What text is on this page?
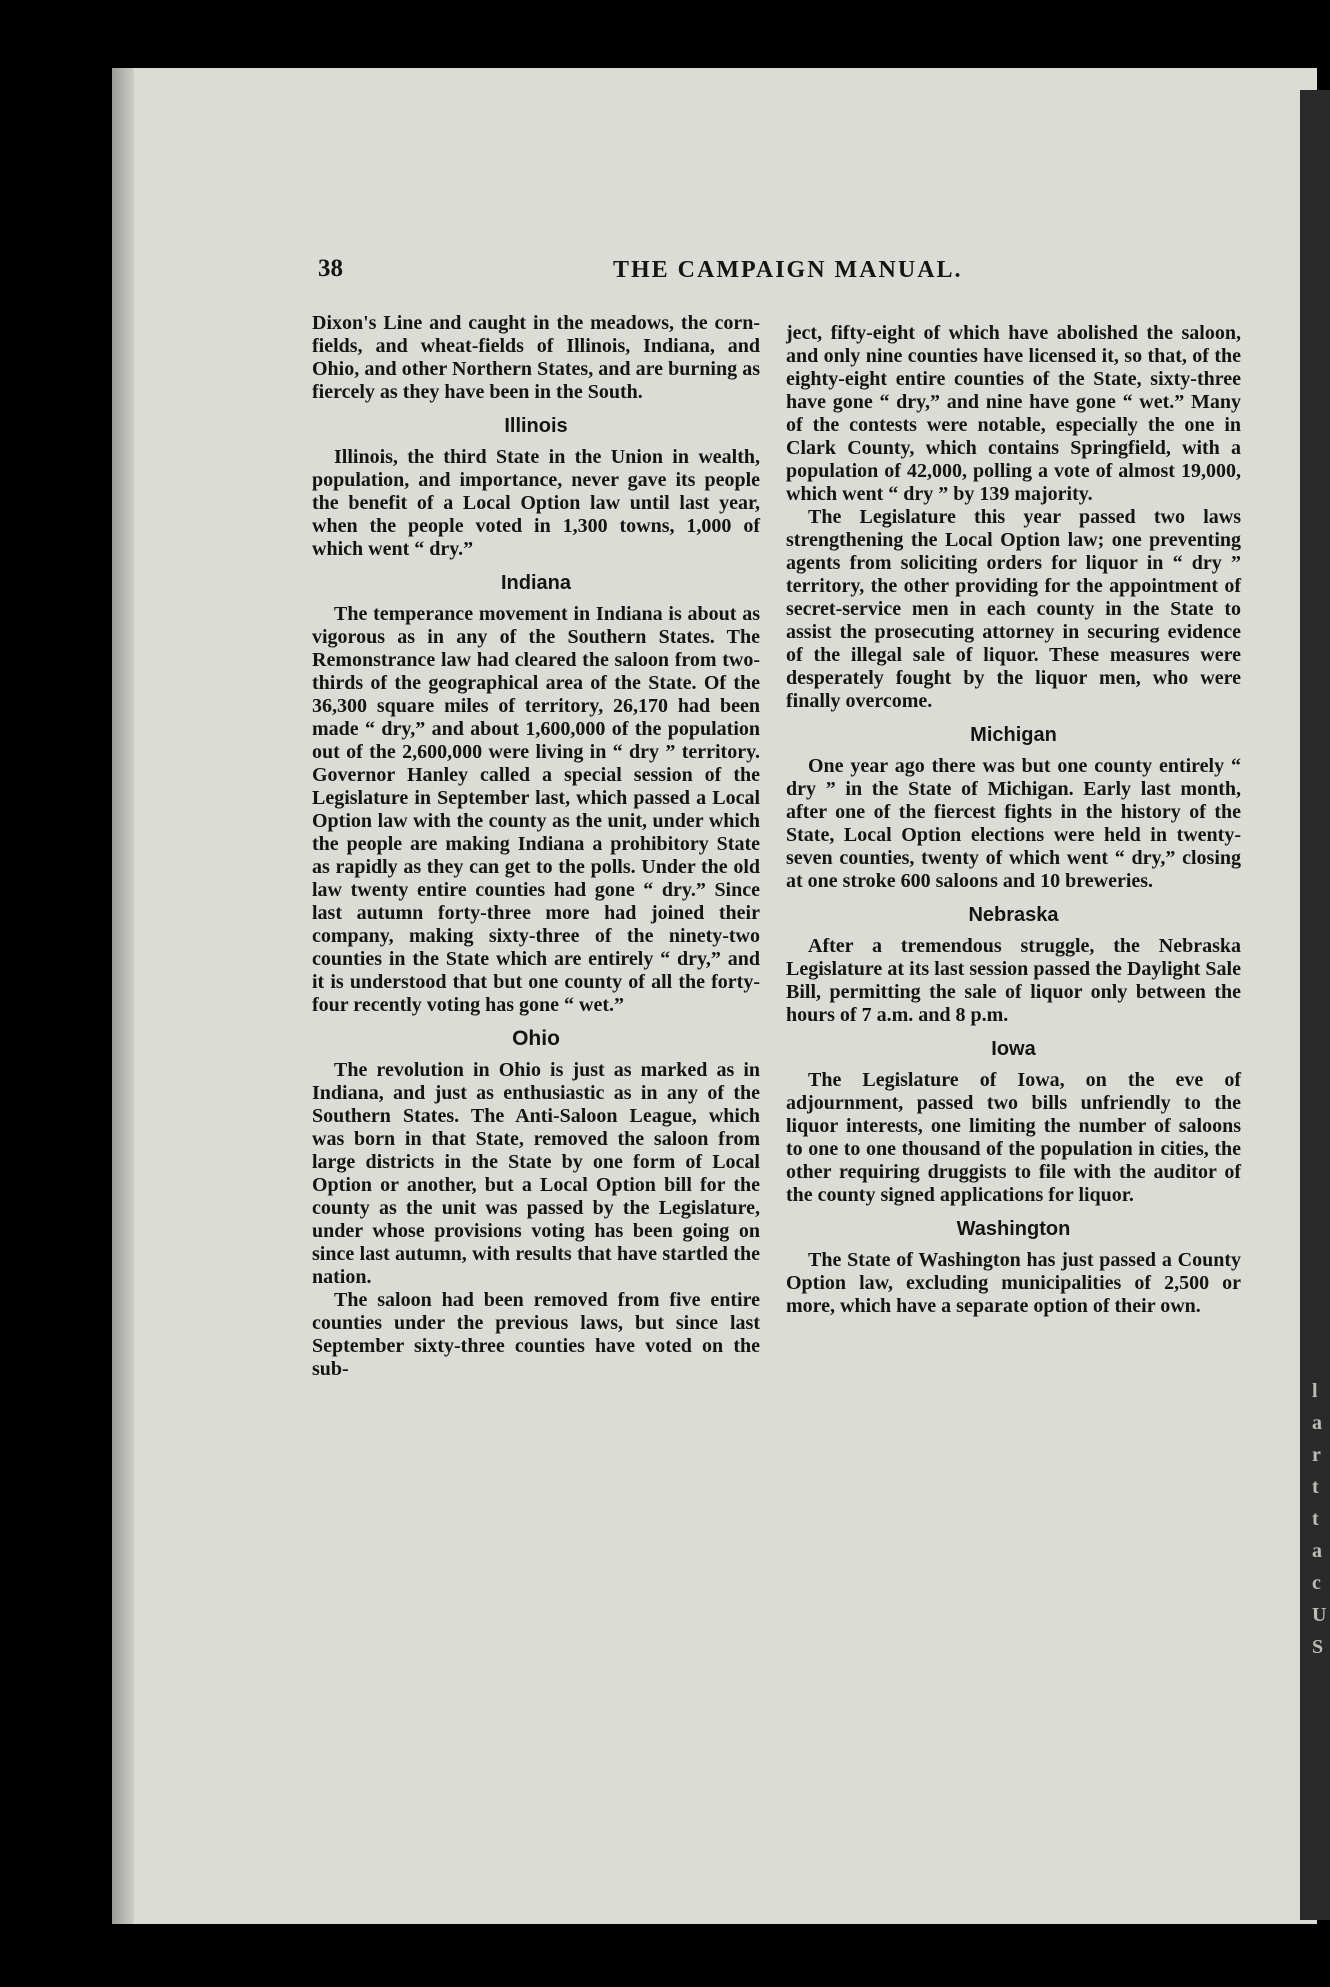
l a r t t a c U S
38	THE CAMPAIGN MANUAL.

Dixon's Line and caught in the meadows, the corn-fields, and wheat-fields of Illinois, Indiana, and Ohio, and other Northern States, and are burning as fiercely as they have been in the South.

Illinois

Illinois, the third State in the Union in wealth, population, and importance, never gave its people the benefit of a Local Option law until last year, when the people voted in 1,300 towns, 1,000 of which went “ dry.”

Indiana

The temperance movement in Indiana is about as vigorous as in any of the Southern States. The Remonstrance law had cleared the saloon from two-thirds of the geographical area of the State. Of the 36,300 square miles of territory, 26,170 had been made “ dry,” and about 1,600,000 of the population out of the 2,600,000 were living in “ dry ” territory. Governor Hanley called a special session of the Legislature in September last, which passed a Local Option law with the county as the unit, under which the people are making Indiana a prohibitory State as rapidly as they can get to the polls. Under the old law twenty entire counties had gone “ dry.” Since last autumn forty-three more had joined their company, making sixty-three of the ninety-two counties in the State which are entirely “ dry,” and it is understood that but one county of all the forty-four recently voting has gone “ wet.”

Ohio

The revolution in Ohio is just as marked as in Indiana, and just as enthusiastic as in any of the Southern States. The Anti-Saloon League, which was born in that State, removed the saloon from large districts in the State by one form of Local Option or another, but a Local Option bill for the county as the unit was passed by the Legislature, under whose provisions voting has been going on since last autumn, with results that have startled the nation.

The saloon had been removed from five entire counties under the previous laws, but since last September sixty-three counties have voted on the sub-

ject, fifty-eight of which have abolished the saloon, and only nine counties have licensed it, so that, of the eighty-eight entire counties of the State, sixty-three have gone “ dry,” and nine have gone “ wet.” Many of the contests were notable, especially the one in Clark County, which contains Springfield, with a population of 42,000, polling a vote of almost 19,000, which went “ dry ” by 139 majority.

The Legislature this year passed two laws strengthening the Local Option law; one preventing agents from soliciting orders for liquor in “ dry ” territory, the other providing for the appointment of secret-service men in each county in the State to assist the prosecuting attorney in securing evidence of the illegal sale of liquor. These measures were desperately fought by the liquor men, who were finally overcome.

Michigan

One year ago there was but one county entirely “ dry ” in the State of Michigan. Early last month, after one of the fiercest fights in the history of the State, Local Option elections were held in twenty-seven counties, twenty of which went “ dry,” closing at one stroke 600 saloons and 10 breweries.

Nebraska

After a tremendous struggle, the Nebraska Legislature at its last session passed the Daylight Sale Bill, permitting the sale of liquor only between the hours of 7 a.m. and 8 p.m.

Iowa

The Legislature of Iowa, on the eve of adjournment, passed two bills unfriendly to the liquor interests, one limiting the number of saloons to one to one thousand of the population in cities, the other requiring druggists to file with the auditor of the county signed applications for liquor.

Washington

The State of Washington has just passed a County Option law, excluding municipalities of 2,500 or more, which have a separate option of their own.
